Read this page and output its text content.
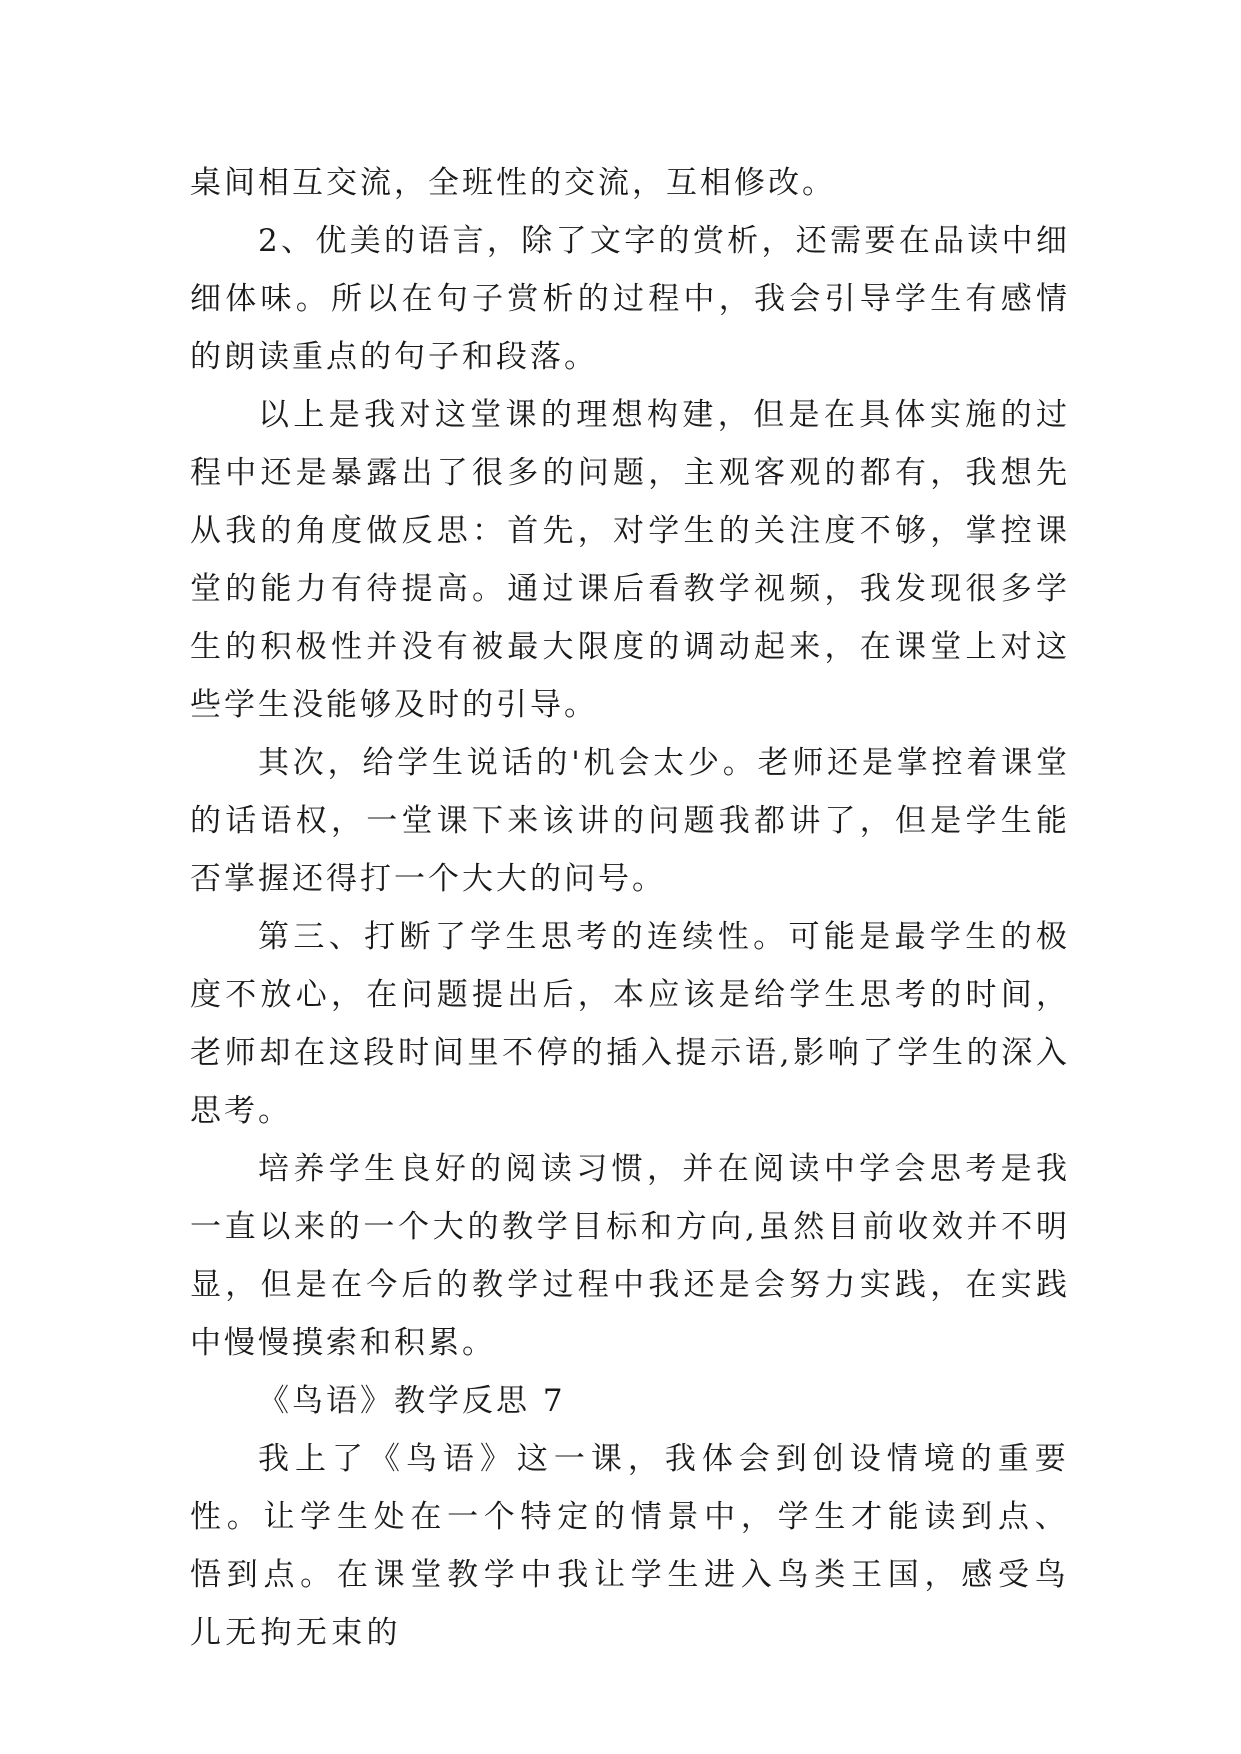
桌间相互交流，全班性的交流，互相修改。

2、优美的语言，除了文字的赏析，还需要在品读中细细体味。所以在句子赏析的过程中，我会引导学生有感情的朗读重点的句子和段落。

以上是我对这堂课的理想构建，但是在具体实施的过程中还是暴露出了很多的问题，主观客观的都有，我想先从我的角度做反思：首先，对学生的关注度不够，掌控课堂的能力有待提高。通过课后看教学视频，我发现很多学生的积极性并没有被最大限度的调动起来，在课堂上对这些学生没能够及时的引导。

其次，给学生说话的'机会太少。老师还是掌控着课堂的话语权，一堂课下来该讲的问题我都讲了，但是学生能否掌握还得打一个大大的问号。

第三、打断了学生思考的连续性。可能是最学生的极度不放心，在问题提出后，本应该是给学生思考的时间，老师却在这段时间里不停的插入提示语,影响了学生的深入思考。

培养学生良好的阅读习惯，并在阅读中学会思考是我一直以来的一个大的教学目标和方向,虽然目前收效并不明显，但是在今后的教学过程中我还是会努力实践，在实践中慢慢摸索和积累。

《鸟语》教学反思 7

我上了《鸟语》这一课，我体会到创设情境的重要性。让学生处在一个特定的情景中，学生才能读到点、悟到点。在课堂教学中我让学生进入鸟类王国，感受鸟儿无拘无束的
